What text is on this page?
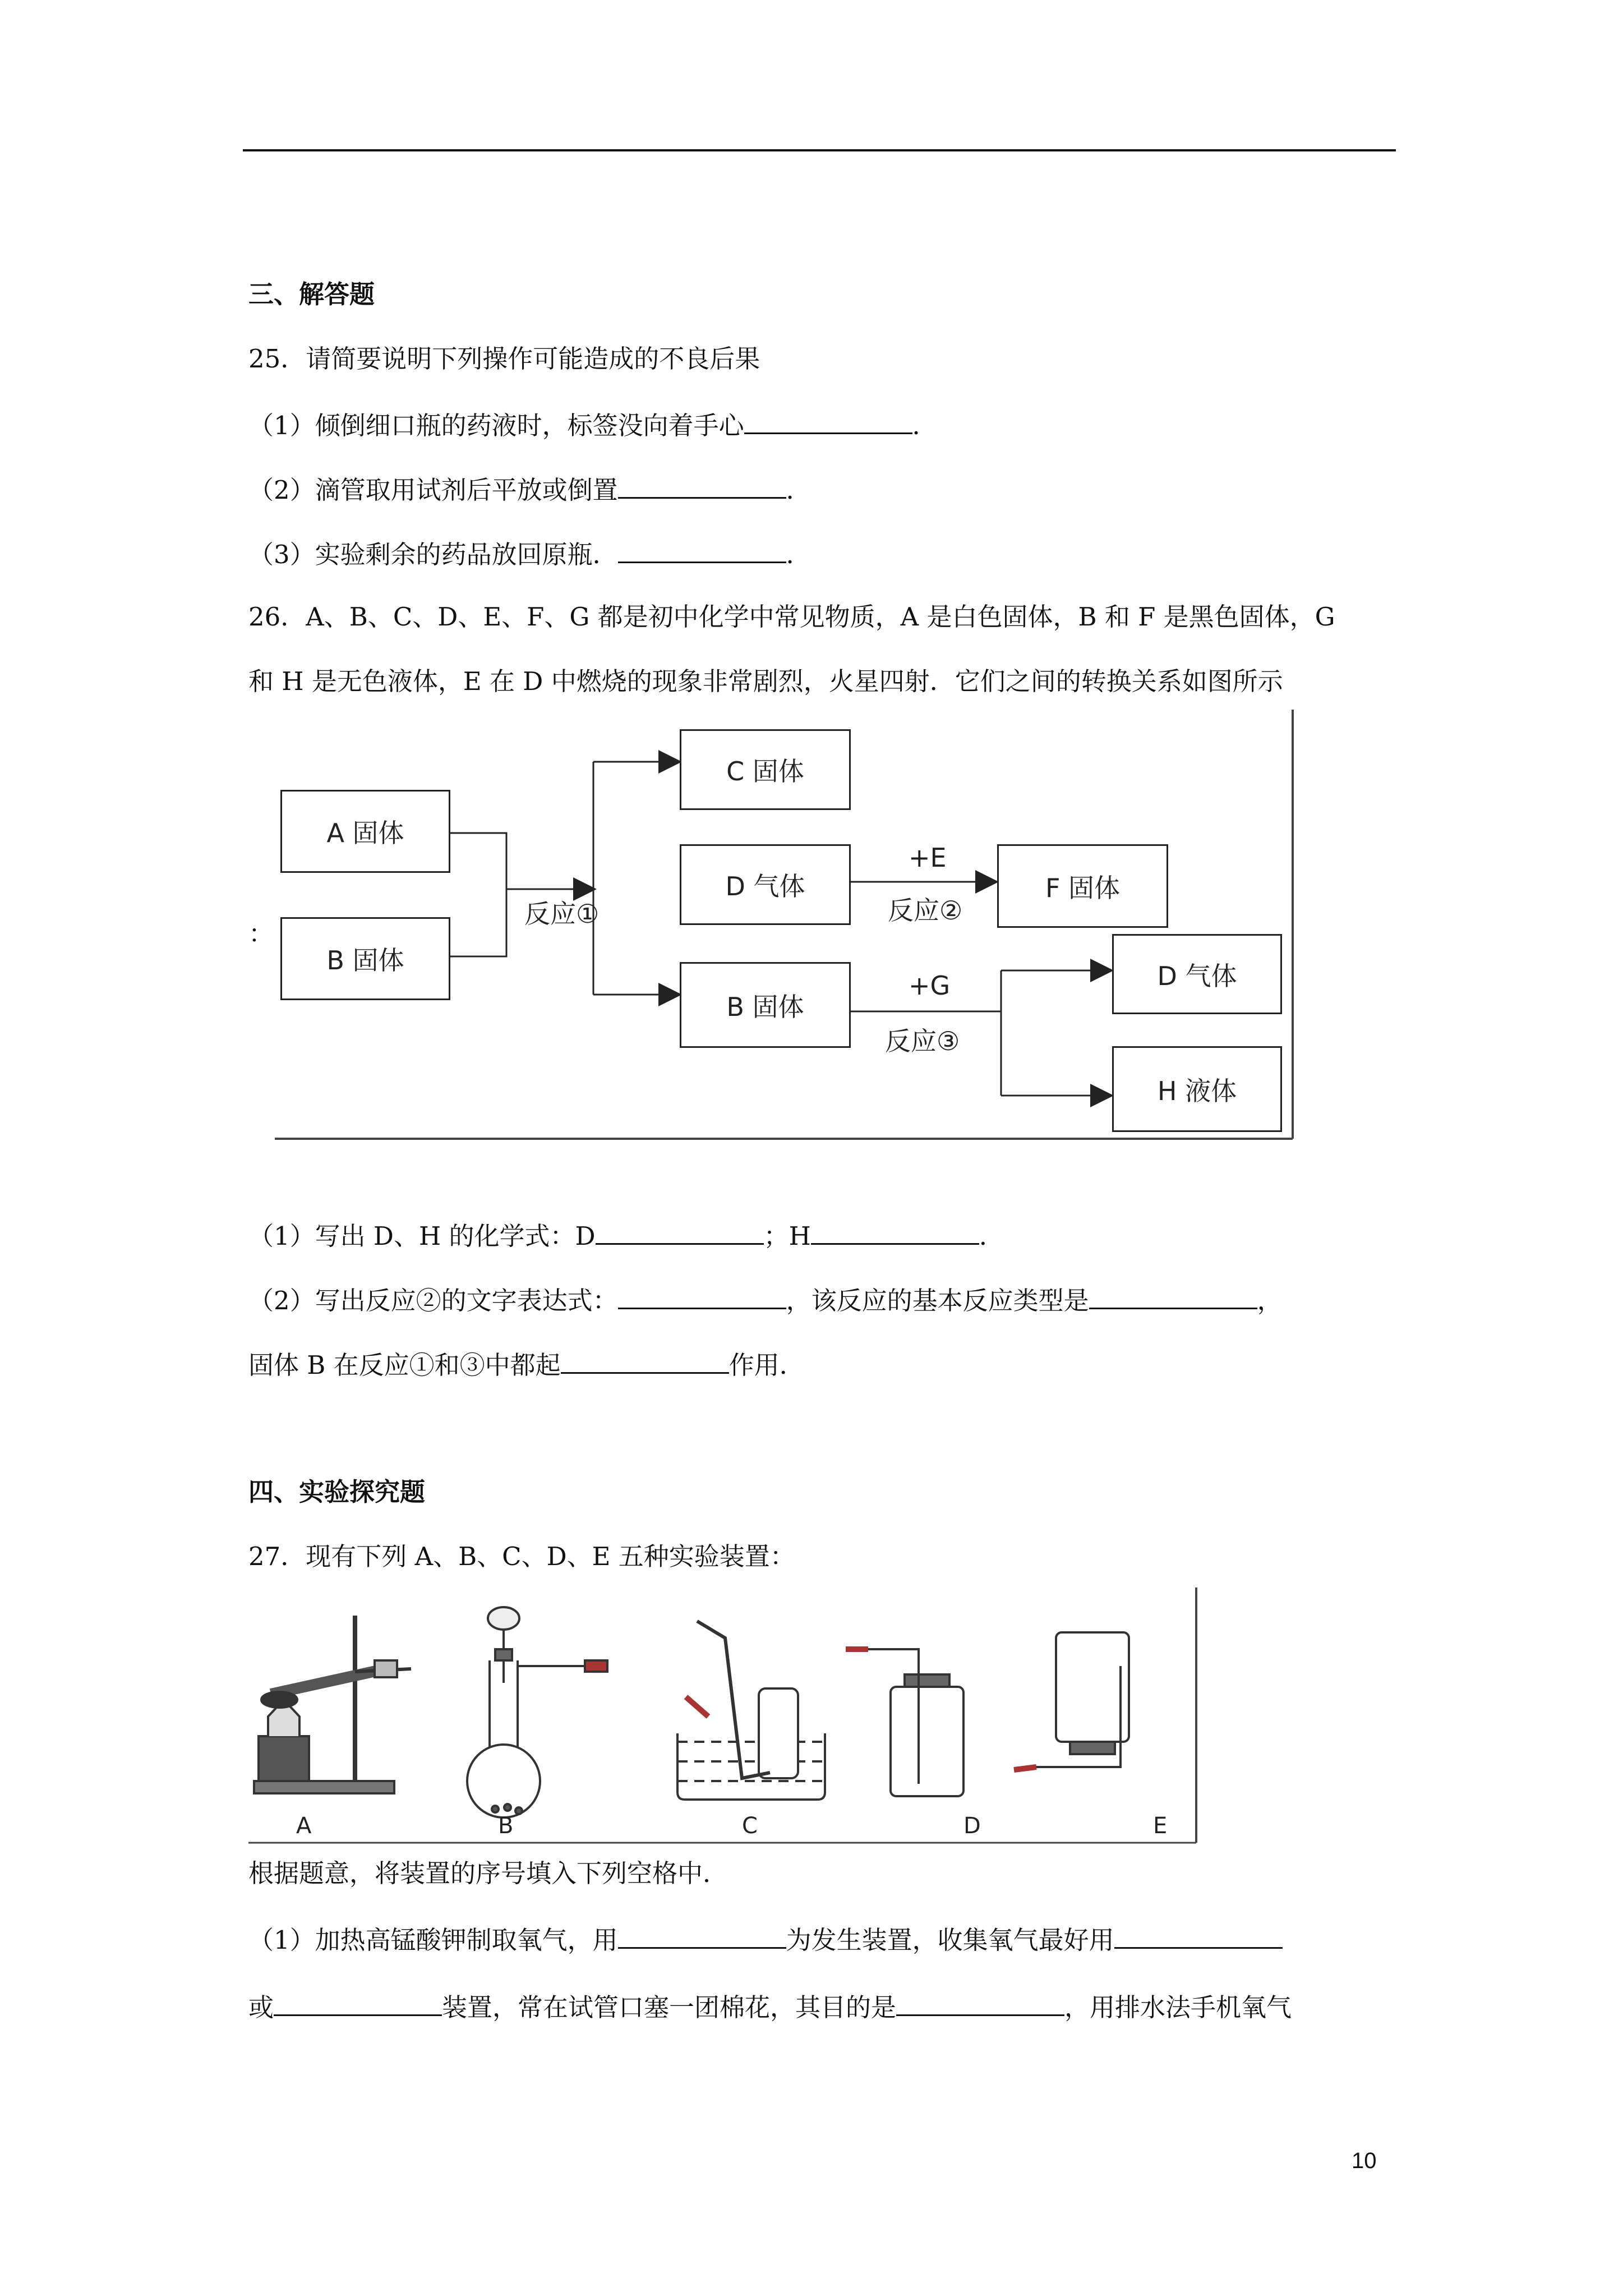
三、解答题
25．请简要说明下列操作可能造成的不良后果
（1）倾倒细口瓶的药液时，标签没向着手心	．
（2）滴管取用试剂后平放或倒置	．
（3）实验剩余的药品放回原瓶．	．
26．A、B、C、D、E、F、G 都是初中化学中常见物质，A 是白色固体，B 和 F 是黑色固体，G
和 H 是无色液体，E 在 D 中燃烧的现象非常剧烈，火星四射．它们之间的转换关系如图所示
：
A 固体
B 固体
C 固体
D 气体
B 固体
F 固体
D 气体
H 液体
反应①
+E
反应②
+G
反应③
（1）写出 D、H 的化学式：D	；H	．
（2）写出反应②的文字表达式：	，该反应的基本反应类型是	，
固体 B 在反应①和③中都起	作用．
四、实验探究题
27．现有下列 A、B、C、D、E 五种实验装置：
A	B	C	D	E
根据题意，将装置的序号填入下列空格中．
（1）加热高锰酸钾制取氧气，用	为发生装置，收集氧气最好用
或	装置，常在试管口塞一团棉花，其目的是	，用排水法手机氧气
10
